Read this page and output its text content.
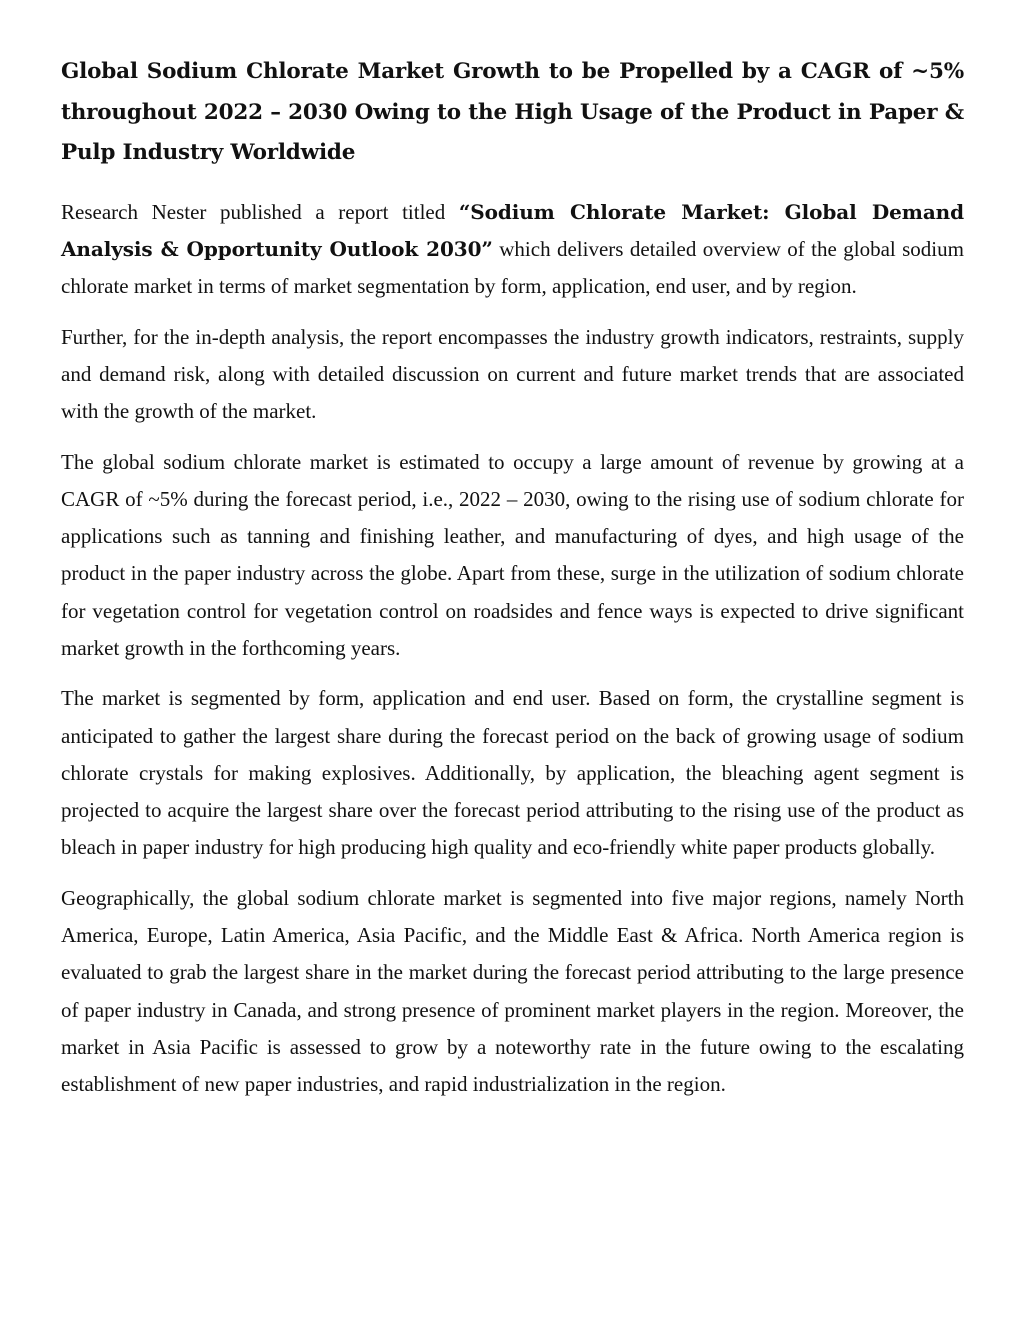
Global Sodium Chlorate Market Growth to be Propelled by a CAGR of ~5% throughout 2022 – 2030 Owing to the High Usage of the Product in Paper & Pulp Industry Worldwide

Research Nester published a report titled “Sodium Chlorate Market: Global Demand Analysis & Opportunity Outlook 2030” which delivers detailed overview of the global sodium chlorate market in terms of market segmentation by form, application, end user, and by region.

Further, for the in-depth analysis, the report encompasses the industry growth indicators, restraints, supply and demand risk, along with detailed discussion on current and future market trends that are associated with the growth of the market.

The global sodium chlorate market is estimated to occupy a large amount of revenue by growing at a CAGR of ~5% during the forecast period, i.e., 2022 – 2030, owing to the rising use of sodium chlorate for applications such as tanning and finishing leather, and manufacturing of dyes, and high usage of the product in the paper industry across the globe. Apart from these, surge in the utilization of sodium chlorate for vegetation control for vegetation control on roadsides and fence ways is expected to drive significant market growth in the forthcoming years.

The market is segmented by form, application and end user. Based on form, the crystalline segment is anticipated to gather the largest share during the forecast period on the back of growing usage of sodium chlorate crystals for making explosives. Additionally, by application, the bleaching agent segment is projected to acquire the largest share over the forecast period attributing to the rising use of the product as bleach in paper industry for high producing high quality and eco-friendly white paper products globally.

Geographically, the global sodium chlorate market is segmented into five major regions, namely North America, Europe, Latin America, Asia Pacific, and the Middle East & Africa. North America region is evaluated to grab the largest share in the market during the forecast period attributing to the large presence of paper industry in Canada, and strong presence of prominent market players in the region. Moreover, the market in Asia Pacific is assessed to grow by a noteworthy rate in the future owing to the escalating establishment of new paper industries, and rapid industrialization in the region.
